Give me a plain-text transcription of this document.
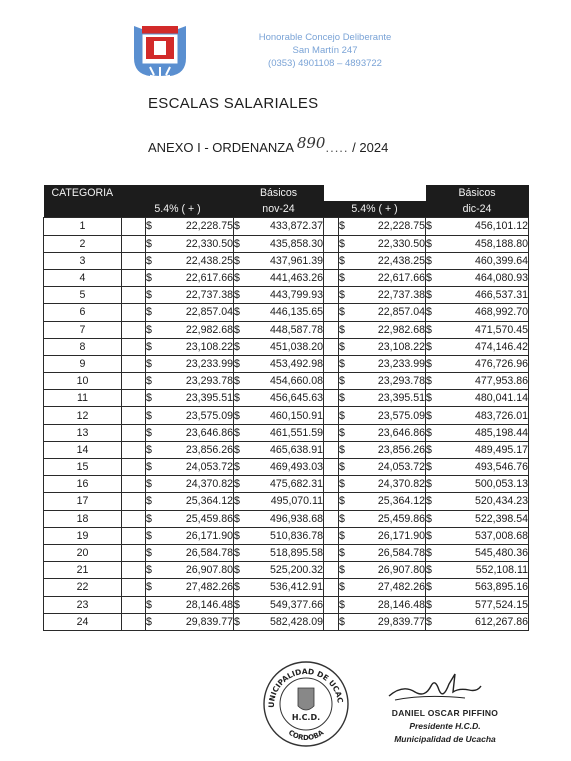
Honorable Concejo Deliberante
San Martín 247
(0353) 4901108 – 4893722
ESCALAS SALARIALES
ANEXO I - ORDENANZA 890..... / 2024
CATEGORIA				Básicos					Básicos	
	5.4% ( + )			nov-24		5.4% ( + )			dic-24	
1		$	22,228.75	$	433,872.37		$	22,228.75	$	456,101.12
2		$	22,330.50	$	435,858.30		$	22,330.50	$	458,188.80
3		$	22,438.25	$	437,961.39		$	22,438.25	$	460,399.64
4		$	22,617.66	$	441,463.26		$	22,617.66	$	464,080.93
5		$	22,737.38	$	443,799.93		$	22,737.38	$	466,537.31
6		$	22,857.04	$	446,135.65		$	22,857.04	$	468,992.70
7		$	22,982.68	$	448,587.78		$	22,982.68	$	471,570.45
8		$	23,108.22	$	451,038.20		$	23,108.22	$	474,146.42
9		$	23,233.99	$	453,492.98		$	23,233.99	$	476,726.96
10		$	23,293.78	$	454,660.08		$	23,293.78	$	477,953.86
11		$	23,395.51	$	456,645.63		$	23,395.51	$	480,041.14
12		$	23,575.09	$	460,150.91		$	23,575.09	$	483,726.01
13		$	23,646.86	$	461,551.59		$	23,646.86	$	485,198.44
14		$	23,856.26	$	465,638.91		$	23,856.26	$	489,495.17
15		$	24,053.72	$	469,493.03		$	24,053.72	$	493,546.76
16		$	24,370.82	$	475,682.31		$	24,370.82	$	500,053.13
17		$	25,364.12	$	495,070.11		$	25,364.12	$	520,434.23
18		$	25,459.86	$	496,938.68		$	25,459.86	$	522,398.54
19		$	26,171.90	$	510,836.78		$	26,171.90	$	537,008.68
20		$	26,584.78	$	518,895.58		$	26,584.78	$	545,480.36
21		$	26,907.80	$	525,200.32		$	26,907.80	$	552,108.11
22		$	27,482.26	$	536,412.91		$	27,482.26	$	563,895.16
23		$	28,146.48	$	549,377.66		$	28,146.48	$	577,524.15
24		$	29,839.77	$	582,428.09		$	29,839.77	$	612,267.86
UNICIPALIDAD DE UCAC
CORDOBA
H.C.D.	DANIEL OSCAR PIFFINO
Presidente H.C.D.
Municipalidad de Ucacha
